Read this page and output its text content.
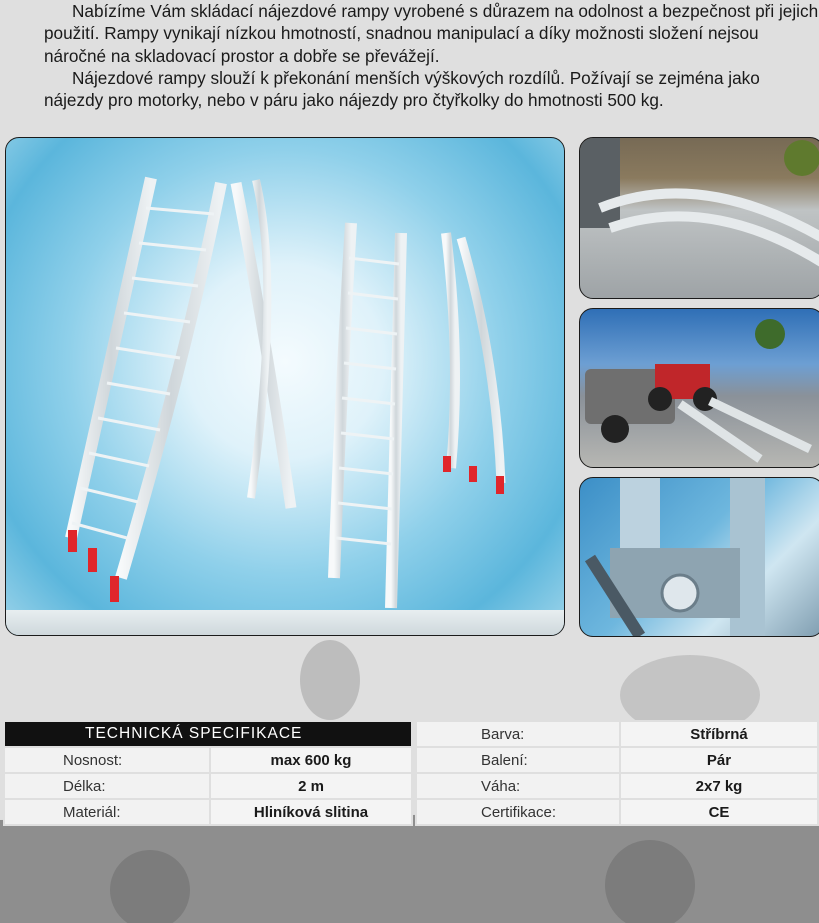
Nabízíme Vám skládací nájezdové rampy vyrobené s důrazem na odolnost a bezpečnost při jejich použití. Rampy vynikají nízkou hmotností, snadnou manipulací a díky možnosti složení nejsou náročné na skladovací prostor a dobře se převážejí.

Nájezdové rampy slouží k překonání menších výškových rozdílů. Požívají se zejména jako nájezdy pro motorky, nebo v páru jako nájezdy pro čtyřkolky do hmotnosti 500 kg.

TECHNICKÁ SPECIFIKACE	
Nosnost:	max 600 kg
Délka:	2 m
Materiál:	Hliníková slitina
Barva:	Stříbrná
Balení:	Pár
Váha:	2x7 kg
Certifikace:	CE
